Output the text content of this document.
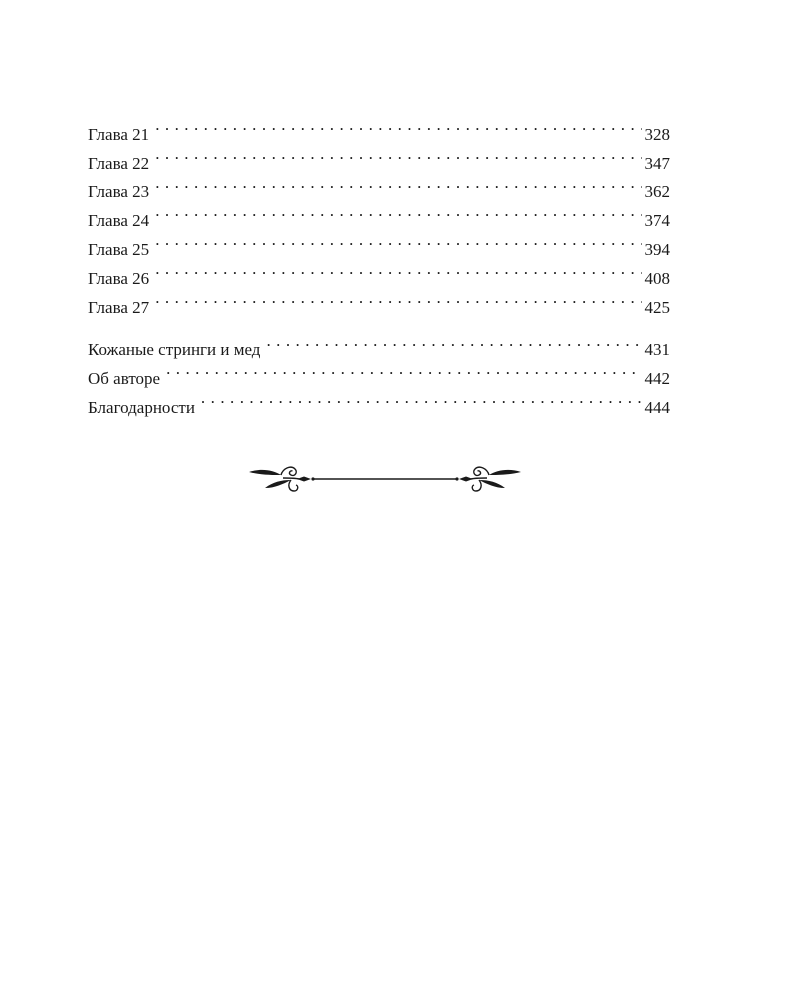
Глава 21 . . .	328
Глава 22 . . .	347
Глава 23 . . .	362
Глава 24 . . .	374
Глава 25 . . .	394
Глава 26 . . .	408
Глава 27 . . .	425
Кожаные стринги и мед . . .	431
Об авторе . . .	442
Благодарности . . .	444
